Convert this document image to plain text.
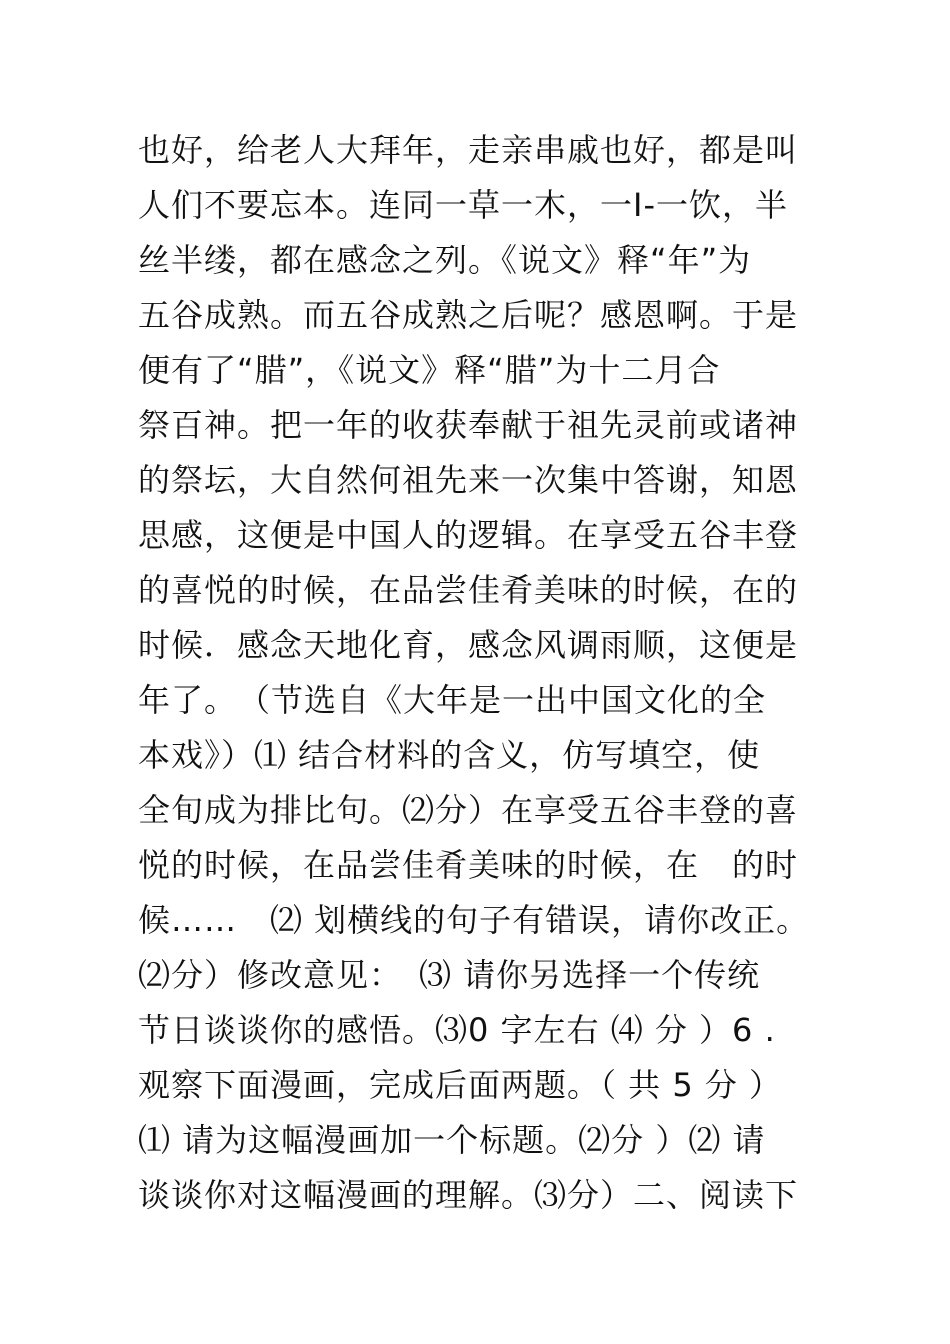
也好，给老人大拜年，走亲串戚也好，都是叫
人们不要忘本。连同一草一木，一I-一饮，半
丝半缕，都在感念之列。《说文》释“年”为
五谷成熟。而五谷成熟之后呢？感恩啊。于是
便有了“腊”，《说文》释“腊”为十二月合
祭百神。把一年的收获奉献于祖先灵前或诸神
的祭坛，大自然何祖先来一次集中答谢，知恩
思感，这便是中国人的逻辑。在享受五谷丰登
的喜悦的时候，在品尝佳肴美味的时候，在的
时候．感念天地化育，感念风调雨顺，这便是
年了。　（节选自《大年是一出中国文化的全
本戏》）⑴ 结合材料的含义，仿写填空，使
全旬成为排比句。⑵分）在享受五谷丰登的喜
悦的时候，在品尝佳肴美味的时候，在　的时
候……　⑵ 划横线的句子有错误，请你改正。
⑵分）修改意见：　⑶ 请你另选择一个传统
节日谈谈你的感悟。⑶0 字左右 ⑷ 分 ）6 .
观察下面漫画，完成后面两题。（ 共 5 分 ）
⑴ 请为这幅漫画加一个标题。⑵分 ）⑵ 请
谈谈你对这幅漫画的理解。⑶分）二、阅读下
